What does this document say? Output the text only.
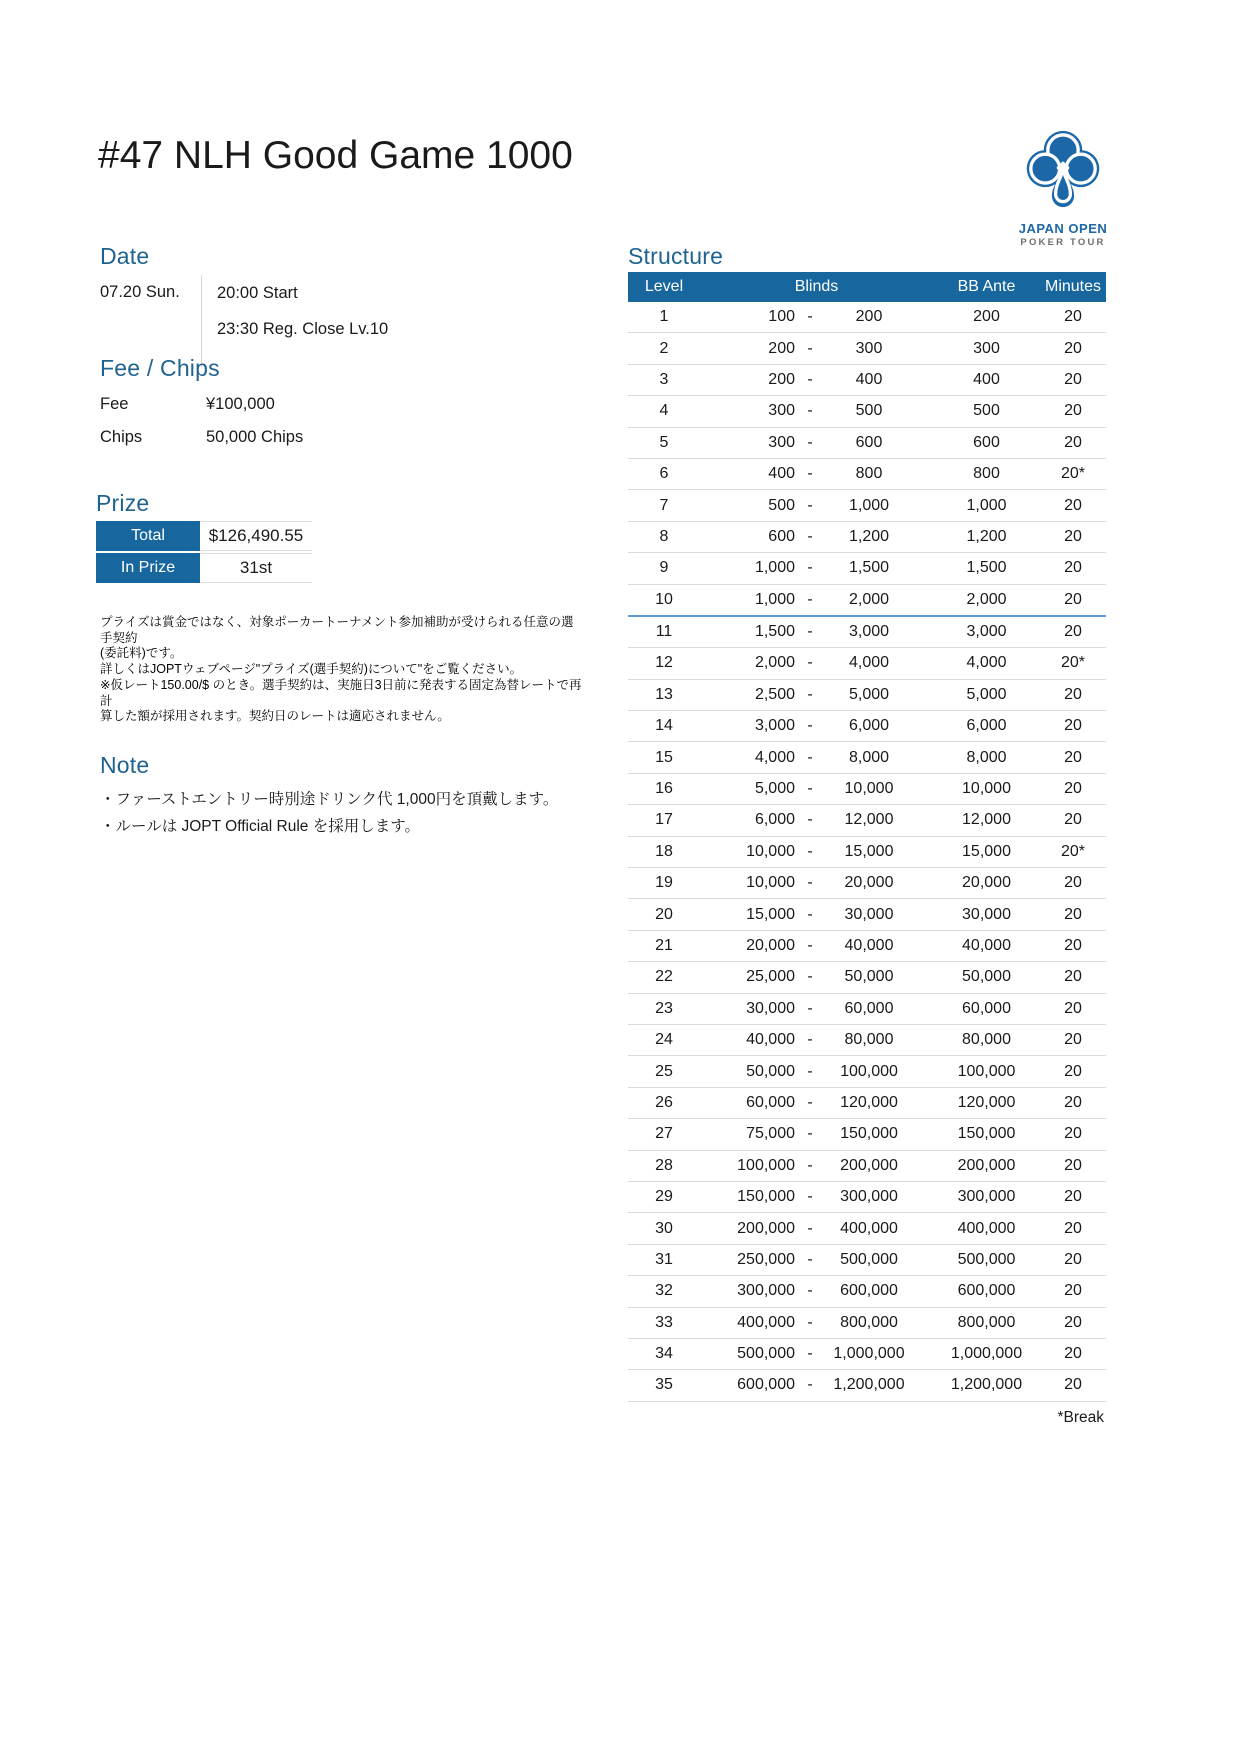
#47 NLH Good Game 1000
JAPAN OPEN
POKER TOUR
Date
07.20 Sun.	20:00 Start
23:30 Reg. Close Lv.10
Fee / Chips
Fee	¥100,000
Chips	50,000 Chips
Prize
Total	$126,490.55
In Prize	31st
プライズは賞金ではなく、対象ポーカートーナメント参加補助が受けられる任意の選手契約
(委託料)です。
詳しくはJOPTウェブページ"プライズ(選手契約)について"をご覧ください。
※仮レート150.00/$ のとき。選手契約は、実施日3日前に発表する固定為替レートで再計
算した額が採用されます。契約日のレートは適応されません。
Note
・ファーストエントリー時別途ドリンク代 1,000円を頂戴します。
・ルールは JOPT Official Rule を採用します。
Structure
Level	Blinds	BB Ante	Minutes
1	100 - 200	200	20
2	200 - 300	300	20
3	200 - 400	400	20
4	300 - 500	500	20
5	300 - 600	600	20
6	400 - 800	800	20*
7	500 - 1,000	1,000	20
8	600 - 1,200	1,200	20
9	1,000 - 1,500	1,500	20
10	1,000 - 2,000	2,000	20
11	1,500 - 3,000	3,000	20
12	2,000 - 4,000	4,000	20*
13	2,500 - 5,000	5,000	20
14	3,000 - 6,000	6,000	20
15	4,000 - 8,000	8,000	20
16	5,000 - 10,000	10,000	20
17	6,000 - 12,000	12,000	20
18	10,000 - 15,000	15,000	20*
19	10,000 - 20,000	20,000	20
20	15,000 - 30,000	30,000	20
21	20,000 - 40,000	40,000	20
22	25,000 - 50,000	50,000	20
23	30,000 - 60,000	60,000	20
24	40,000 - 80,000	80,000	20
25	50,000 - 100,000	100,000	20
26	60,000 - 120,000	120,000	20
27	75,000 - 150,000	150,000	20
28	100,000 - 200,000	200,000	20
29	150,000 - 300,000	300,000	20
30	200,000 - 400,000	400,000	20
31	250,000 - 500,000	500,000	20
32	300,000 - 600,000	600,000	20
33	400,000 - 800,000	800,000	20
34	500,000 - 1,000,000	1,000,000	20
35	600,000 - 1,200,000	1,200,000	20
*Break
